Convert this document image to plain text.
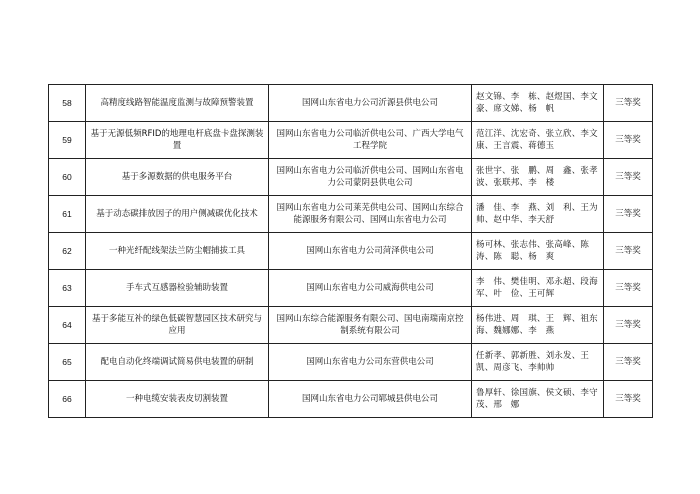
58	高精度线路智能温度监测与故障预警装置	国网山东省电力公司沂源县供电公司	赵文锦、李　栋、赵煜国、李文豪、席文娣、杨　帆	三等奖
59	基于无源低频RFID的地理电杆底盘卡盘探测装置	国网山东省电力公司临沂供电公司、广西大学电气工程学院	范江洋、沈宏奇、张立欣、李文康、王言震、蒋德玉	三等奖
60	基于多源数据的供电服务平台	国网山东省电力公司临沂供电公司、国网山东省电力公司蒙阴县供电公司	张世宇、张　鹏、周　鑫、张孝波、张联邦、李　楼	三等奖
61	基于动态碳排放因子的用户侧减碳优化技术	国网山东省电力公司莱芜供电公司、国网山东综合能源服务有限公司、国网山东省电力公司	潘　佳、李　燕、刘　利、王为帅、赵中华、李天舒	三等奖
62	一种光纤配线架法兰防尘帽捕拔工具	国网山东省电力公司菏泽供电公司	杨可林、张志伟、张高峰、陈　涛、陈　聪、杨　爽	三等奖
63	手车式互感器检验辅助装置	国网山东省电力公司威海供电公司	李　伟、樊佳明、邓永超、段海军、叶　俭、王可辉	三等奖
64	基于多能互补的绿色低碳智慧园区技术研究与应用	国网山东综合能源服务有限公司、国电南瑞南京控制系统有限公司	杨伟进、周　琪、王　辉、祖东海、魏娜娜、李　燕	三等奖
65	配电自动化终端调试简易供电装置的研制	国网山东省电力公司东营供电公司	任新孝、郭新胜、刘永发、王　凯、周彦飞、李帅帅	三等奖
66	一种电缆安装表皮切割装置	国网山东省电力公司郓城县供电公司	鲁厚轩、徐国旗、侯文硕、李守茂、邢　娜	三等奖
